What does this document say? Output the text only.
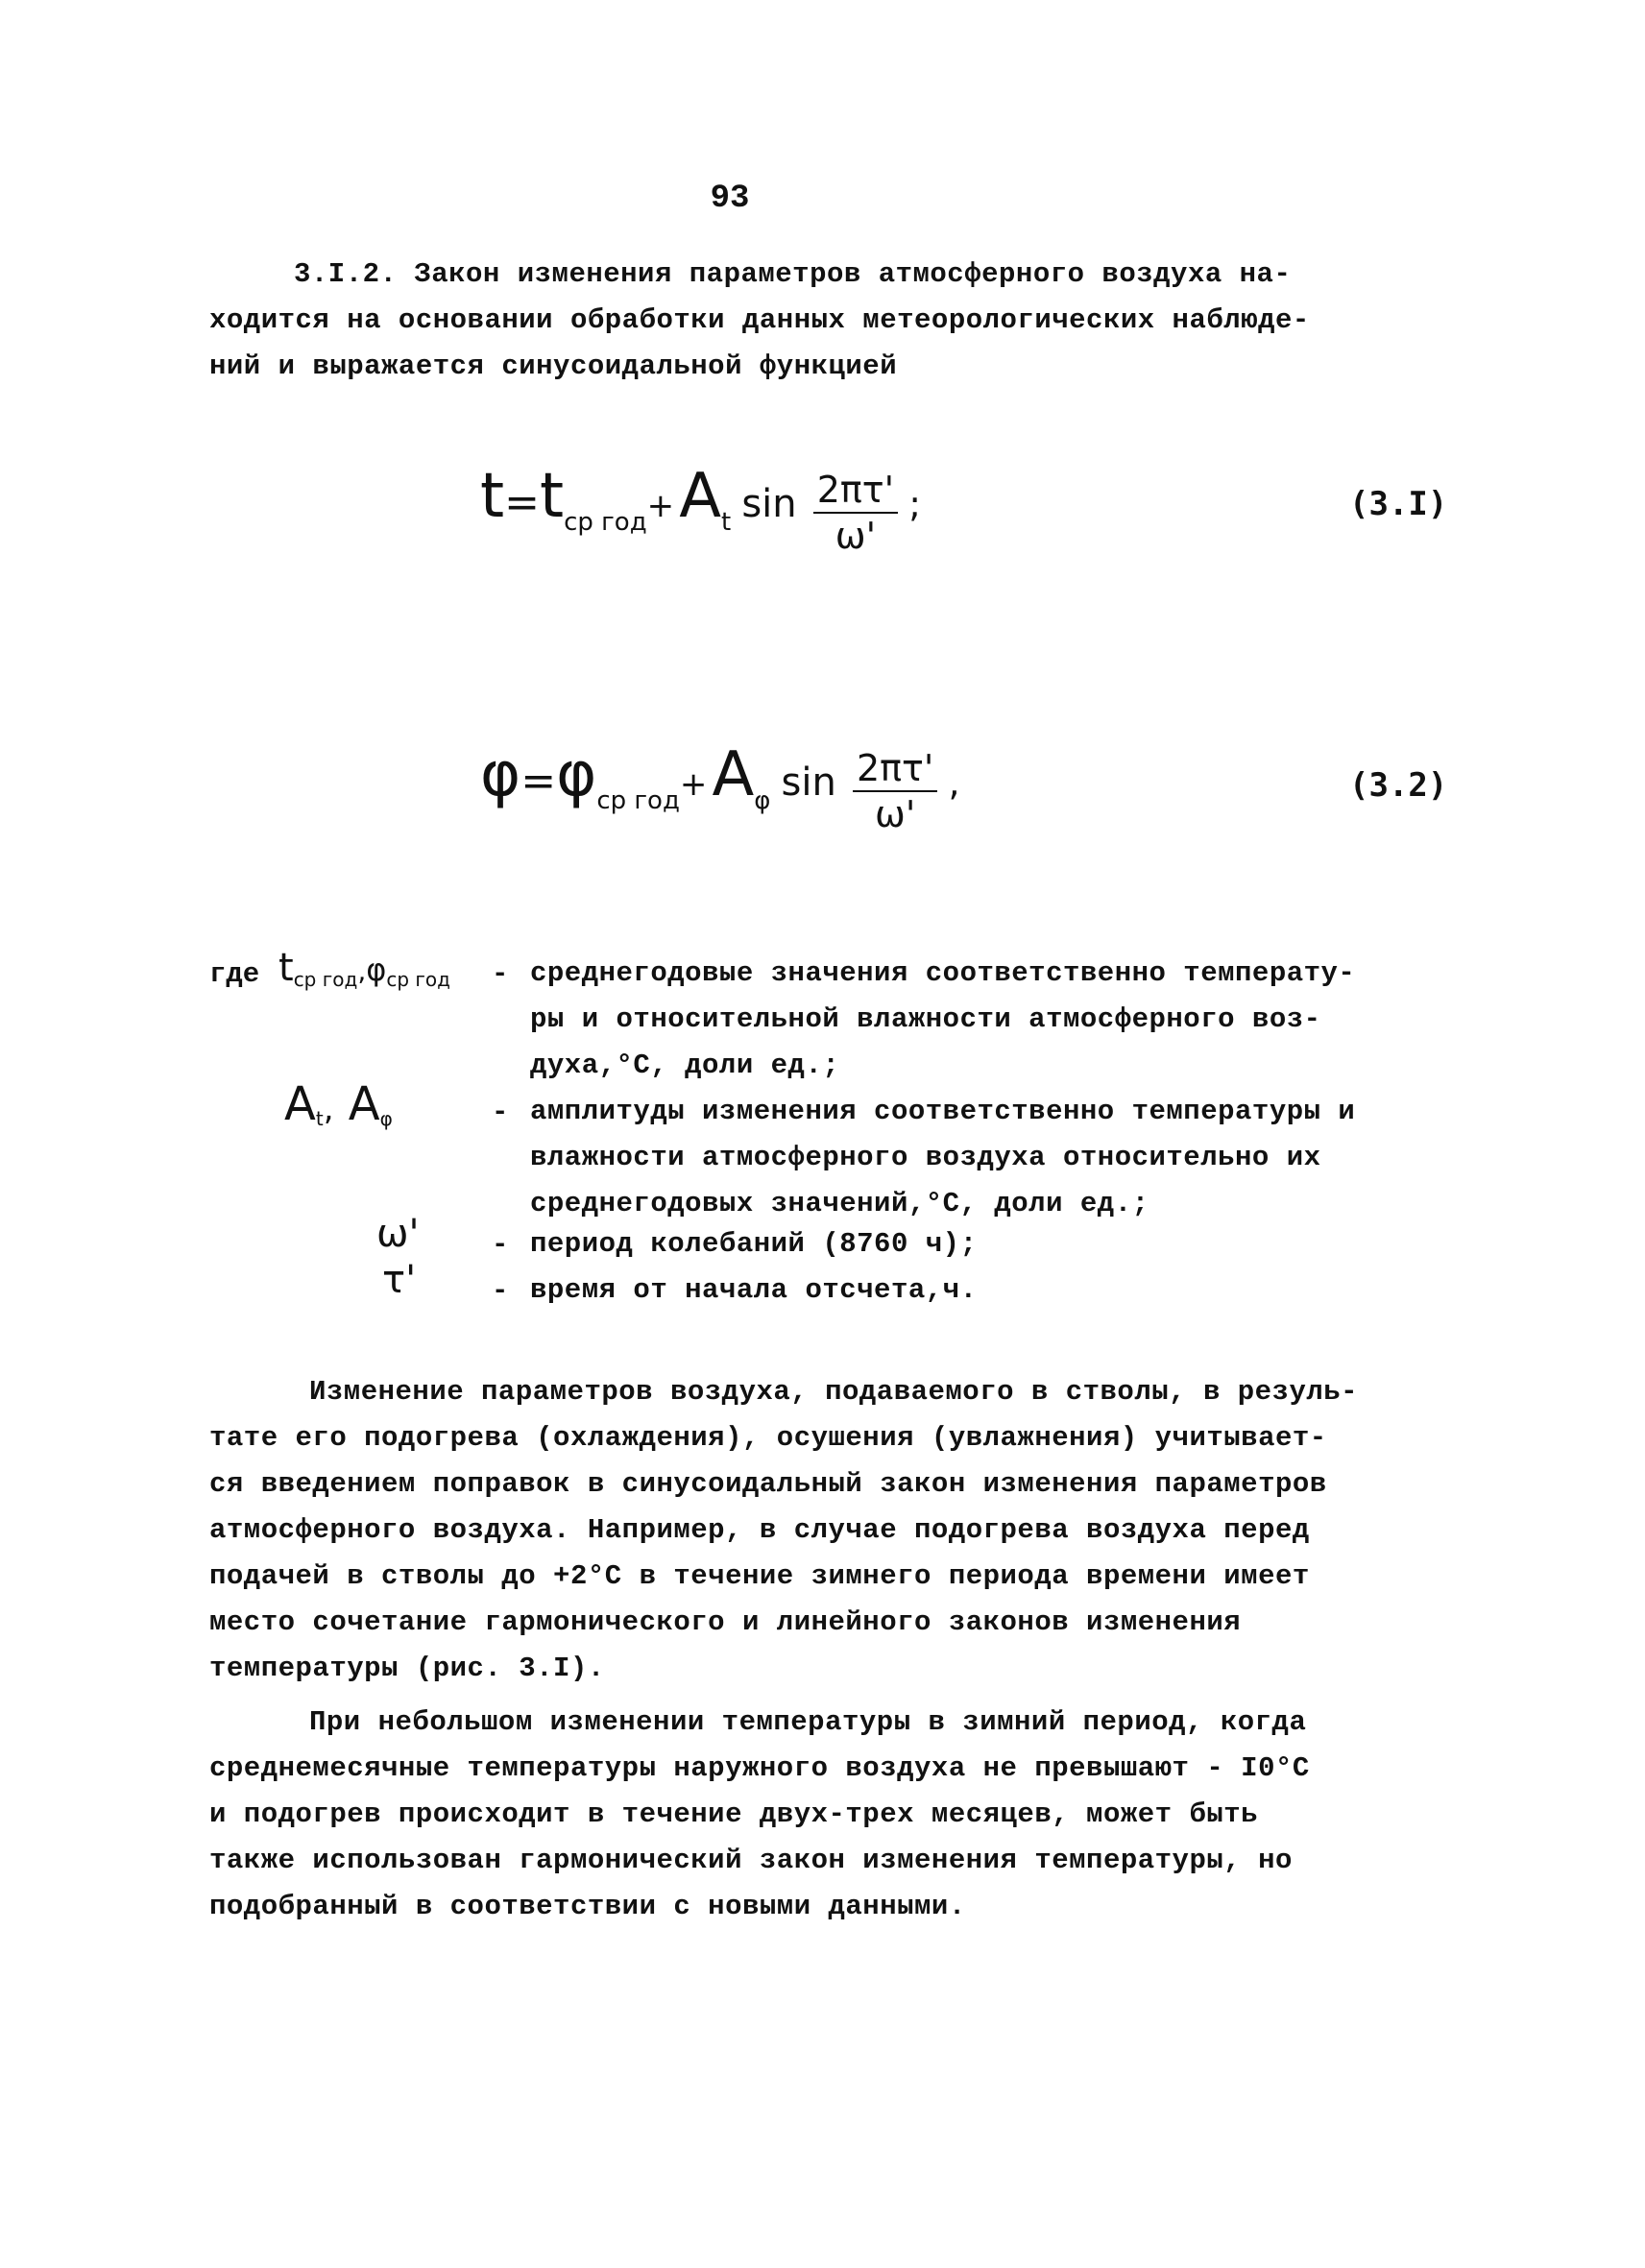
93
3.I.2. Закон изменения параметров атмосферного воздуха на-
ходится на основании обработки данных метеорологических наблюде-
ний и выражается синусоидальной функцией
t=tср год+ At $\sin \frac{2\pi\tau'}{\omega'}$ ;	(3.I)
φ=φср год+ Aφ $\sin \frac{2\pi\tau'}{\omega'}$ ,	(3.2)
где tср год,φср год - среднегодовые значения соответственно температу-
ры и относительной влажности атмосферного воз-
духа,°С, доли ед.;
At, Aφ	- амплитуды изменения соответственно температуры и
влажности атмосферного воздуха относительно их
среднегодовых значений,°С, доли ед.;
ω'	- период колебаний (8760 ч);
τ'	- время от начала отсчета,ч.
Изменение параметров воздуха, подаваемого в стволы, в резуль-
тате его подогрева (охлаждения), осушения (увлажнения) учитывает-
ся введением поправок в синусоидальный закон изменения параметров
атмосферного воздуха. Например, в случае подогрева воздуха перед
подачей в стволы до +2°С в течение зимнего периода времени имеет
место сочетание гармонического и линейного законов изменения
температуры (рис. 3.I).
При небольшом изменении температуры в зимний период, когда
среднемесячные температуры наружного воздуха не превышают - I0°С
и подогрев происходит в течение двух-трех месяцев, может быть
также использован гармонический закон изменения температуры, но
подобранный в соответствии с новыми данными.
